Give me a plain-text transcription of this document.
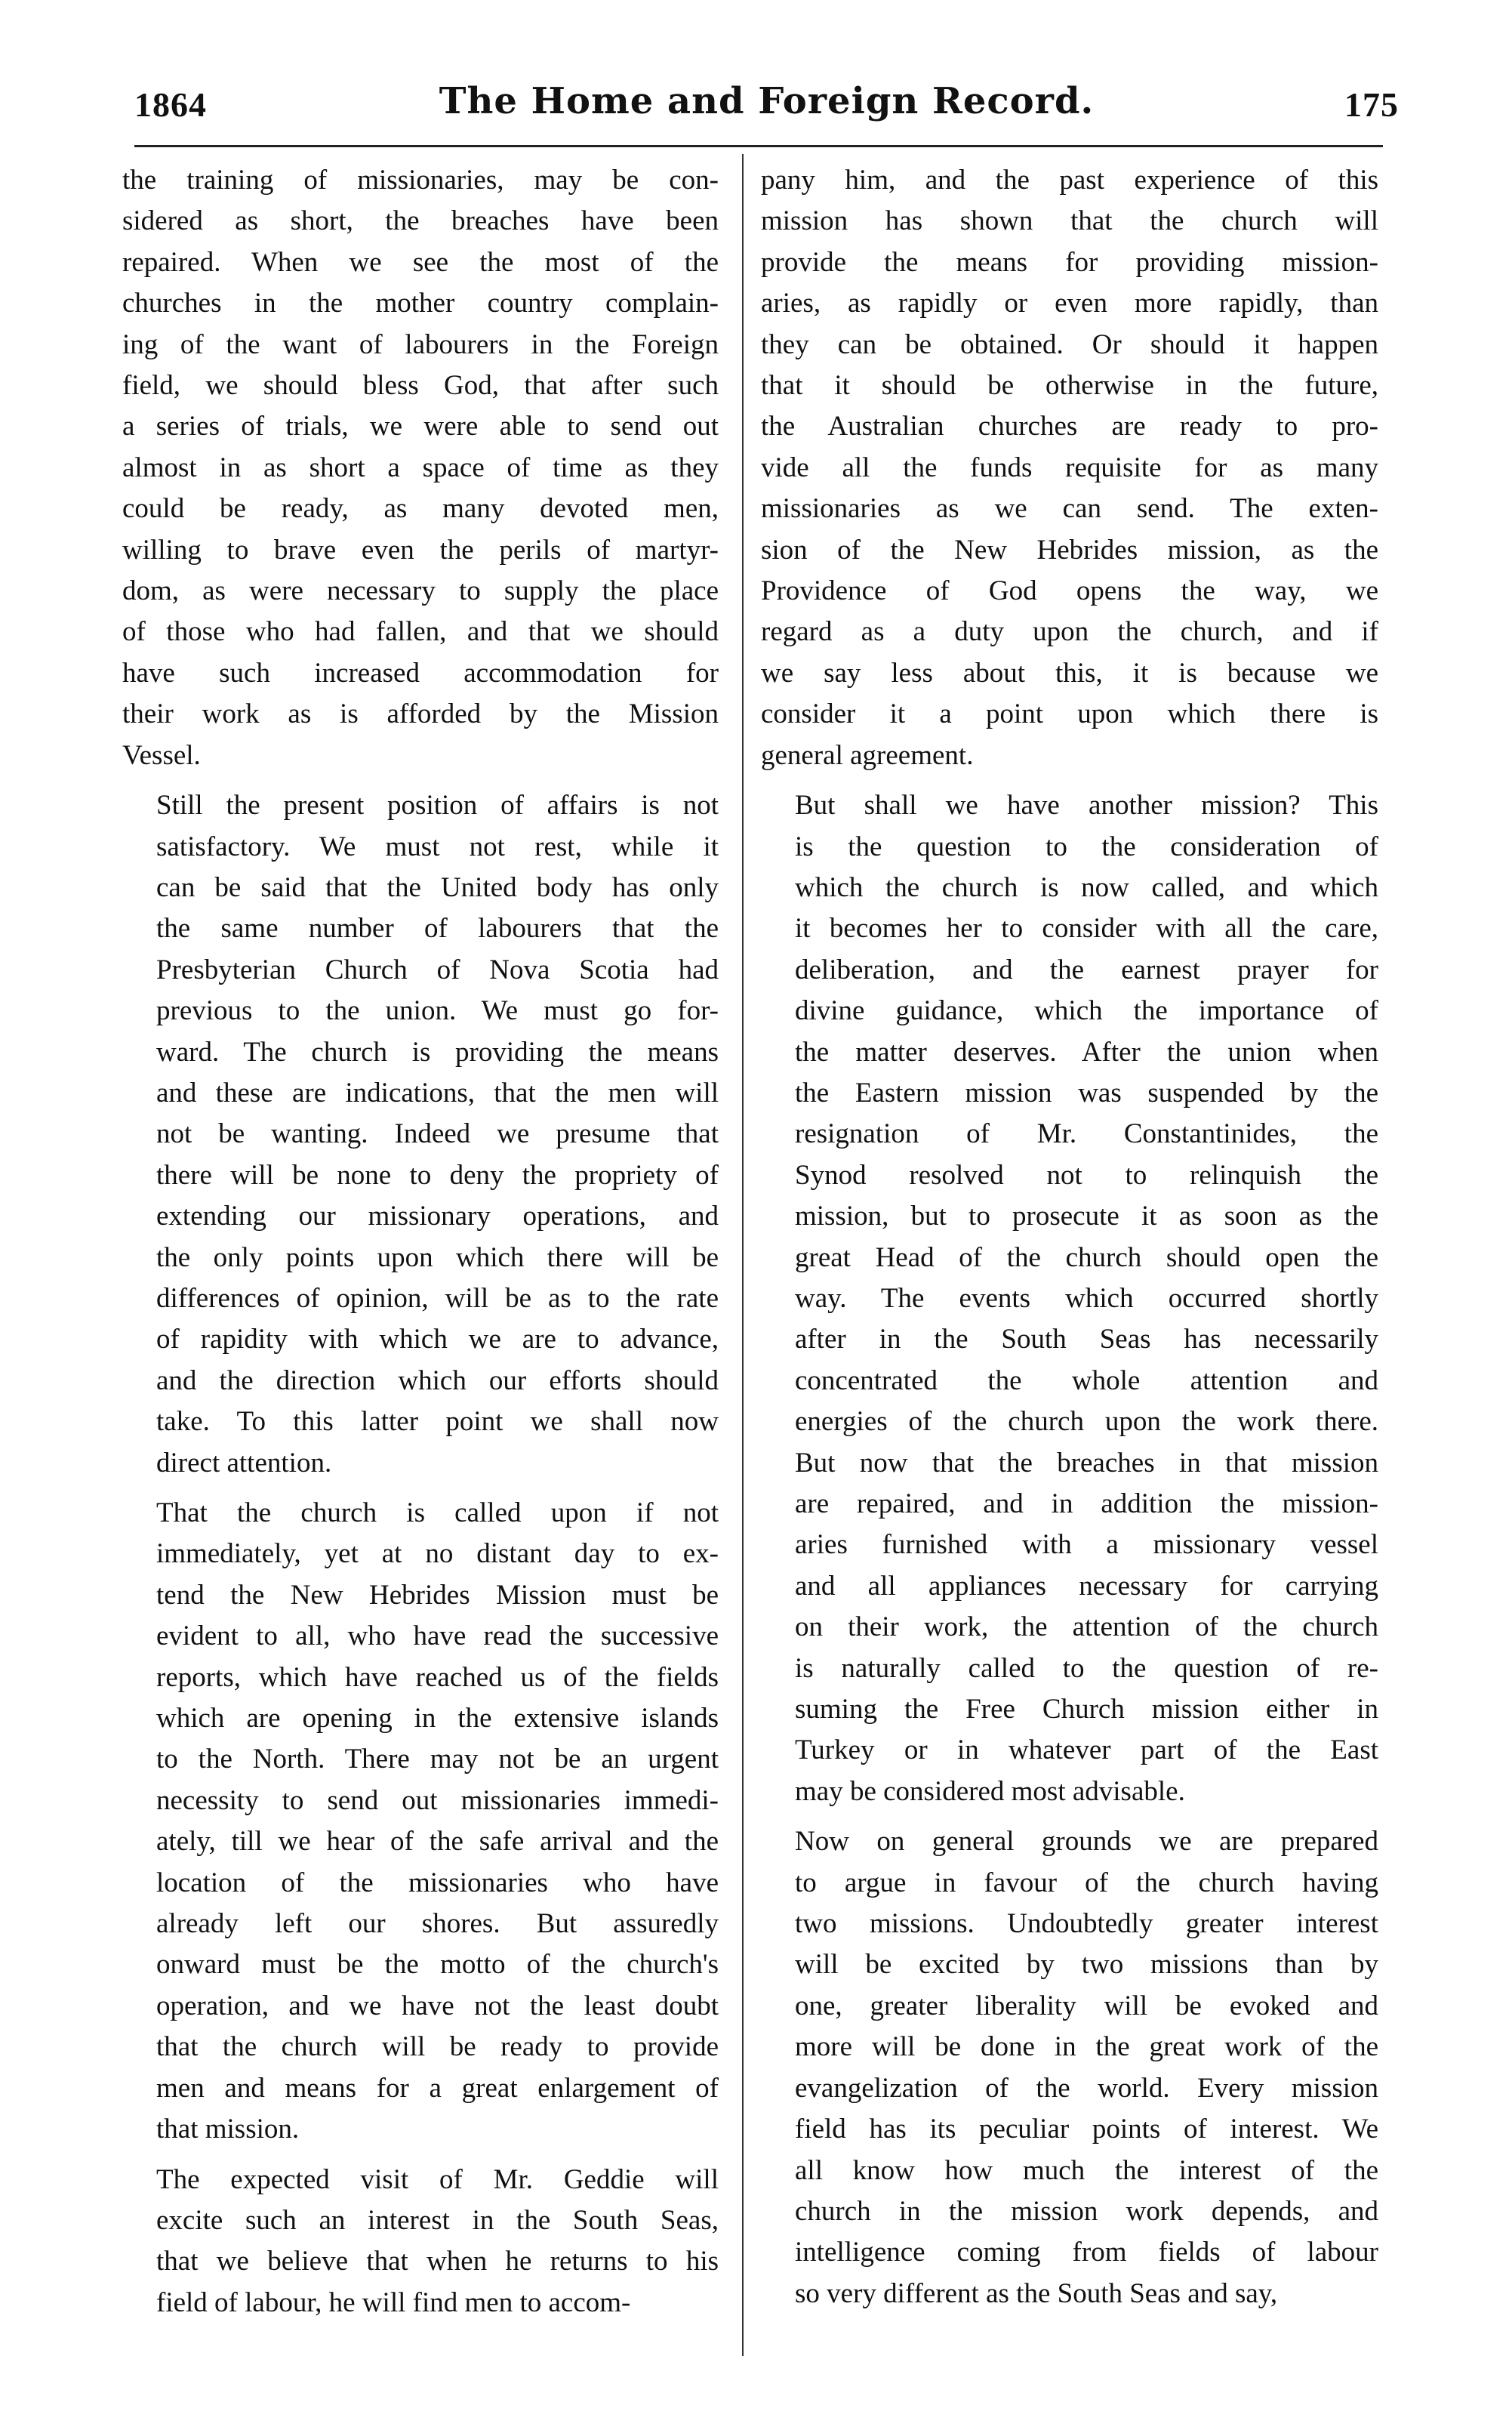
1864	The Home and Foreign Record.	175

the training of missionaries, may be con-
sidered as short, the breaches have been
repaired. When we see the most of the
churches in the mother country complain-
ing of the want of labourers in the Foreign
field, we should bless God, that after such
a series of trials, we were able to send out
almost in as short a space of time as they
could be ready, as many devoted men,
willing to brave even the perils of martyr-
dom, as were necessary to supply the place
of those who had fallen, and that we should
have such increased accommodation for
their work as is afforded by the Mission
Vessel.

Still the present position of affairs is not
satisfactory. We must not rest, while it
can be said that the United body has only
the same number of labourers that the
Presbyterian Church of Nova Scotia had
previous to the union. We must go for-
ward. The church is providing the means
and these are indications, that the men will
not be wanting. Indeed we presume that
there will be none to deny the propriety of
extending our missionary operations, and
the only points upon which there will be
differences of opinion, will be as to the rate
of rapidity with which we are to advance,
and the direction which our efforts should
take. To this latter point we shall now
direct attention.

That the church is called upon if not
immediately, yet at no distant day to ex-
tend the New Hebrides Mission must be
evident to all, who have read the successive
reports, which have reached us of the fields
which are opening in the extensive islands
to the North. There may not be an urgent
necessity to send out missionaries immedi-
ately, till we hear of the safe arrival and the
location of the missionaries who have
already left our shores. But assuredly
onward must be the motto of the church's
operation, and we have not the least doubt
that the church will be ready to provide
men and means for a great enlargement of
that mission.

The expected visit of Mr. Geddie will
excite such an interest in the South Seas,
that we believe that when he returns to his
field of labour, he will find men to accom-

pany him, and the past experience of this
mission has shown that the church will
provide the means for providing mission-
aries, as rapidly or even more rapidly, than
they can be obtained. Or should it happen
that it should be otherwise in the future,
the Australian churches are ready to pro-
vide all the funds requisite for as many
missionaries as we can send. The exten-
sion of the New Hebrides mission, as the
Providence of God opens the way, we
regard as a duty upon the church, and if
we say less about this, it is because we
consider it a point upon which there is
general agreement.

But shall we have another mission? This
is the question to the consideration of
which the church is now called, and which
it becomes her to consider with all the care,
deliberation, and the earnest prayer for
divine guidance, which the importance of
the matter deserves. After the union when
the Eastern mission was suspended by the
resignation of Mr. Constantinides, the
Synod resolved not to relinquish the
mission, but to prosecute it as soon as the
great Head of the church should open the
way. The events which occurred shortly
after in the South Seas has necessarily
concentrated the whole attention and
energies of the church upon the work there.
But now that the breaches in that mission
are repaired, and in addition the mission-
aries furnished with a missionary vessel
and all appliances necessary for carrying
on their work, the attention of the church
is naturally called to the question of re-
suming the Free Church mission either in
Turkey or in whatever part of the East
may be considered most advisable.

Now on general grounds we are prepared
to argue in favour of the church having
two missions. Undoubtedly greater interest
will be excited by two missions than by
one, greater liberality will be evoked and
more will be done in the great work of the
evangelization of the world. Every mission
field has its peculiar points of interest. We
all know how much the interest of the
church in the mission work depends, and
intelligence coming from fields of labour
so very different as the South Seas and say,
